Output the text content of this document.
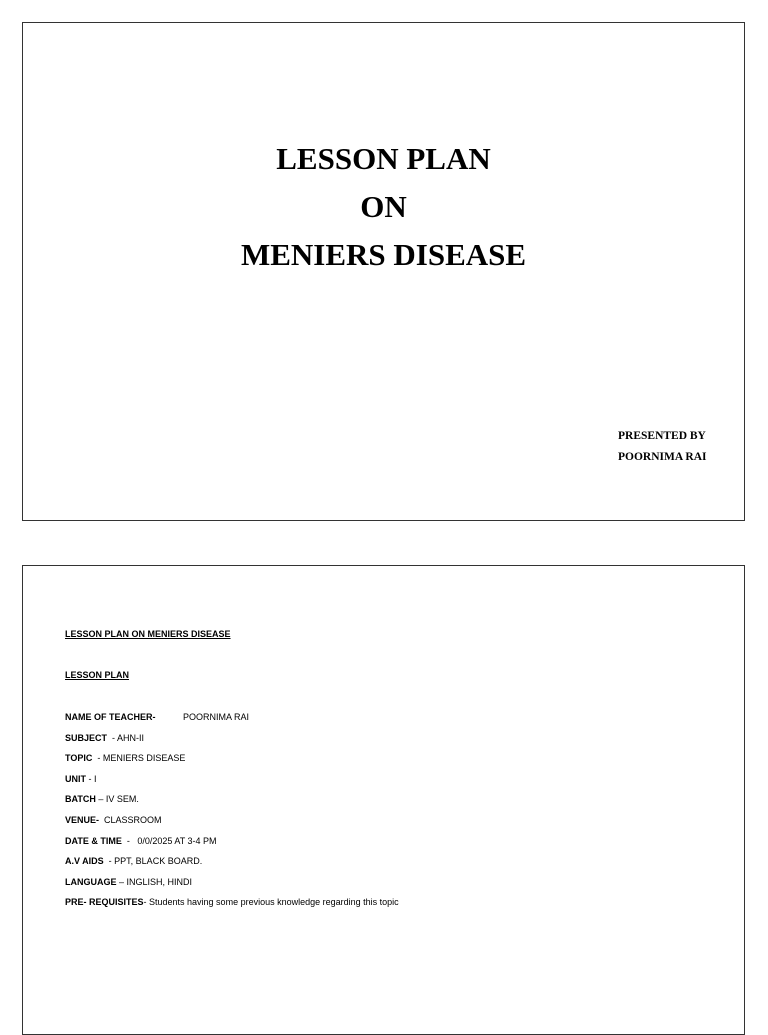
LESSON PLAN
ON
MENIERS DISEASE
PRESENTED BY
POORNIMA RAI
LESSON PLAN ON MENIERS DISEASE
LESSON PLAN
NAME OF TEACHER-           POORNIMA RAI
SUBJECT  - AHN-II
TOPIC  - MENIERS DISEASE
UNIT - I
BATCH – IV SEM.
VENUE-  CLASSROOM
DATE & TIME  -   0/0/2025 AT 3-4 PM
A.V AIDS  - PPT, BLACK BOARD.
LANGUAGE – INGLISH, HINDI
PRE- REQUISITES- Students having some previous knowledge regarding this topic
